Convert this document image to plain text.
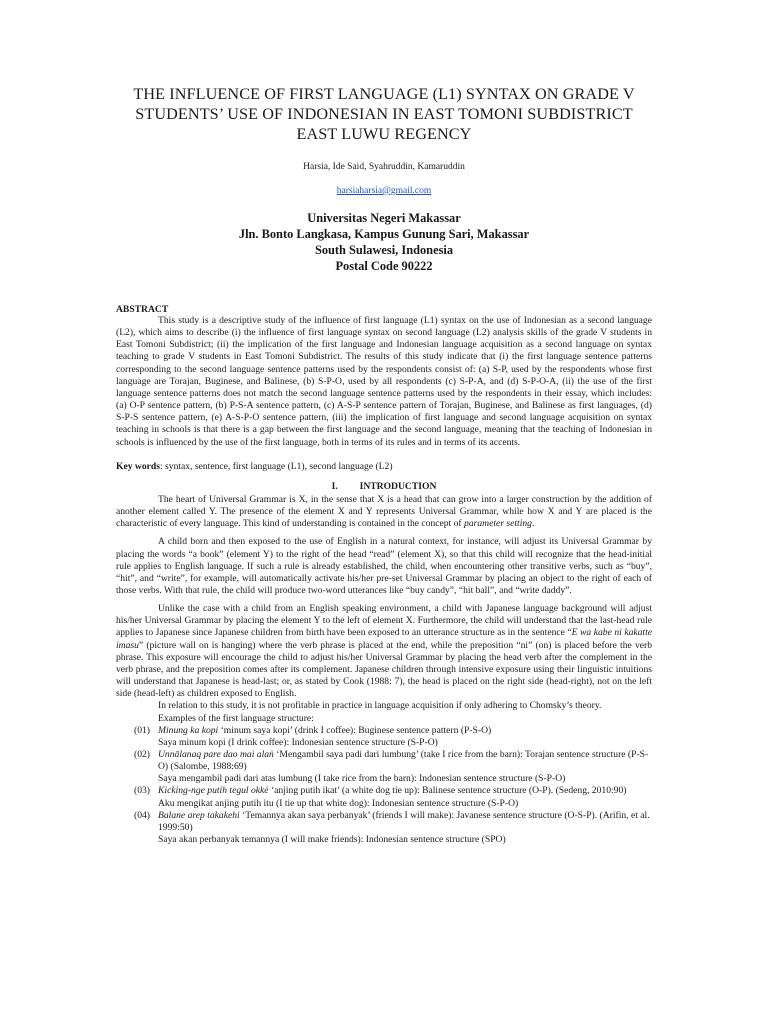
THE INFLUENCE OF FIRST LANGUAGE (L1) SYNTAX ON GRADE V
STUDENTS’ USE OF INDONESIAN IN EAST TOMONI SUBDISTRICT
EAST LUWU REGENCY
Harsia, Ide Said, Syahruddin, Kamaruddin
harsiaharsia@gmail.com
Universitas Negeri Makassar
Jln. Bonto Langkasa, Kampus Gunung Sari, Makassar
South Sulawesi, Indonesia
Postal Code 90222
ABSTRACT

This study is a descriptive study of the influence of first language (L1) syntax on the use of Indonesian as a second language (L2), which aims to describe (i) the influence of first language syntax on second language (L2) analysis skills of the grade V students in East Tomoni Subdistrict; (ii) the implication of the first language and Indonesian language acquisition as a second language on syntax teaching to grade V students in East Tomoni Subdistrict. The results of this study indicate that (i) the first language sentence patterns corresponding to the second language sentence patterns used by the respondents consist of: (a) S-P, used by the respondents whose first language are Torajan, Buginese, and Balinese, (b) S-P-O, used by all respondents (c) S-P-A, and (d) S-P-O-A, (ii) the use of the first language sentence patterns does not match the second language sentence patterns used by the respondents in their essay, which includes: (a) O-P sentence pattern, (b) P-S-A sentence pattern, (c) A-S-P sentence pattern of Torajan, Buginese, and Balinese as first languages, (d) S-P-S sentence pattern, (e) A-S-P-O sentence pattern, (iii) the implication of first language and second language acquisition on syntax teaching in schools is that there is a gap between the first language and the second language, meaning that the teaching of Indonesian in schools is influenced by the use of the first language, both in terms of its rules and in terms of its accents.

Key words: syntax, sentence, first language (L1), second language (L2)

I. INTRODUCTION

The heart of Universal Grammar is X, in the sense that X is a head that can grow into a larger construction by the addition of another element called Y. The presence of the element X and Y represents Universal Grammar, while how X and Y are placed is the characteristic of every language. This kind of understanding is contained in the concept of parameter setting.

A child born and then exposed to the use of English in a natural context, for instance, will adjust its Universal Grammar by placing the words “a book” (element Y) to the right of the head “read” (element X), so that this child will recognize that the head-initial rule applies to English language. If such a rule is already established, the child, when encountering other transitive verbs, such as “buy”, “hit”, and “write”, for example, will automatically activate his/her pre-set Universal Grammar by placing an object to the right of each of those verbs. With that rule, the child will produce two-word utterances like “buy candy”, “hit ball”, and “write daddy”.

Unlike the case with a child from an English speaking environment, a child with Japanese language background will adjust his/her Universal Grammar by placing the element Y to the left of element X. Furthermore, the child will understand that the last-head rule applies to Japanese since Japanese children from birth have been exposed to an utterance structure as in the sentence “E wa kabe ni kakatte imasu” (picture wall on is hanging) where the verb phrase is placed at the end, while the preposition “ni” (on) is placed before the verb phrase. This exposure will encourage the child to adjust his/her Universal Grammar by placing the head verb after the complement in the verb phrase, and the preposition comes after its complement. Japanese children through intensive exposure using their linguistic intuitions will understand that Japanese is head-last; or, as stated by Cook (1988: 7), the head is placed on the right side (head-right), not on the left side (head-left) as children exposed to English.

In relation to this study, it is not profitable in practice in language acquisition if only adhering to Chomsky’s theory.

Examples of the first language structure:
(01) Minung ka kopi ‘minum saya kopi’ (drink I coffee): Buginese sentence pattern (P-S-O)
Saya minum kopi (I drink coffee): Indonesian sentence structure (S-P-O)
(02) Unnālanaq pare dao mai alaṅ ‘Mengambil saya padi dari lumbung’ (take I rice from the barn): Torajan sentence structure (P-S-O) (Salombe, 1988:69)
Saya mengambil padi dari atas lumbung (I take rice from the barn): Indonesian sentence structure (S-P-O)
(03) Kicking-nge putih tegul okkė ‘anjing putih ikat’ (a white dog tie up): Balinese sentence structure (O-P). (Sedeng, 2010:90)
Aku mengikat anjing putih itu (I tie up that white dog): Indonesian sentence structure (S-P-O)
(04) Balane arep takakehi ‘Temannya akan saya perbanyak’ (friends I will make): Javanese sentence structure (O-S-P). (Arifin, et al. 1999:50)
Saya akan perbanyak temannya (I will make friends): Indonesian sentence structure (SPO)
